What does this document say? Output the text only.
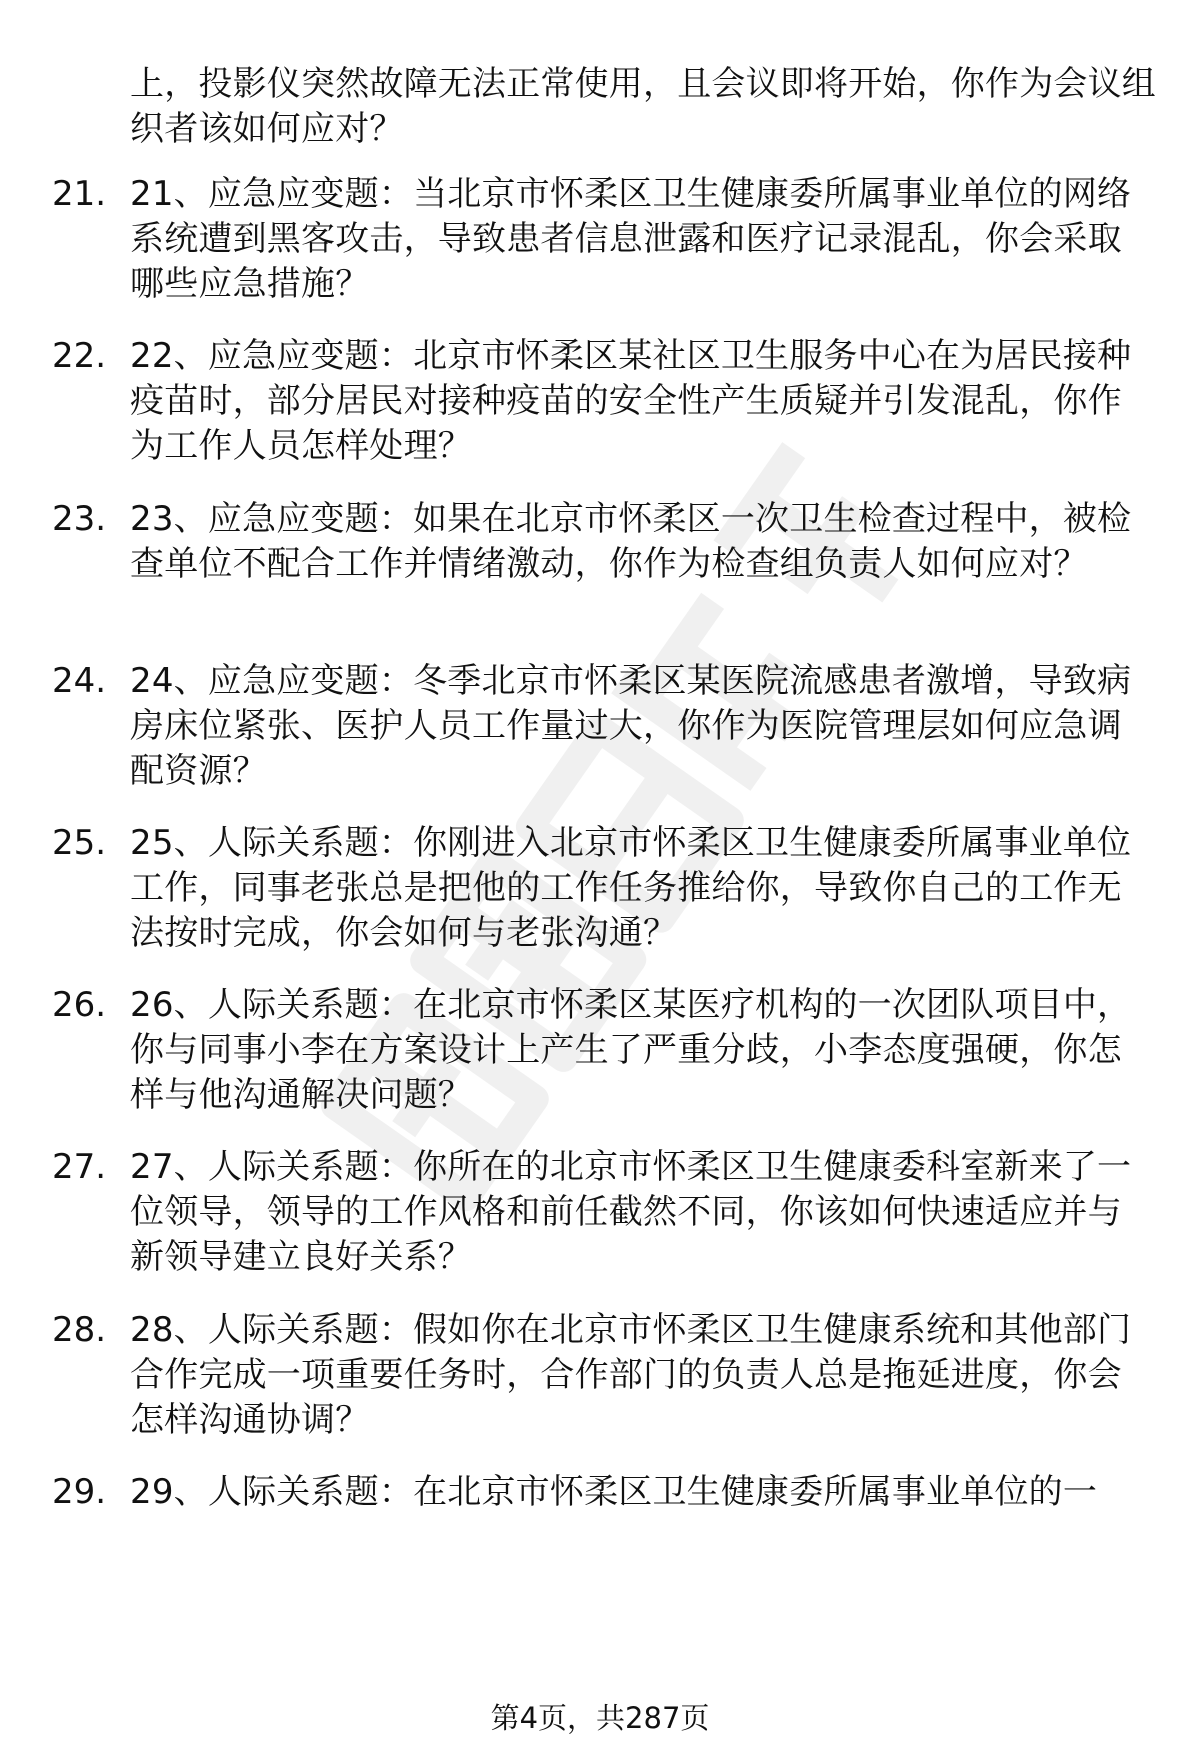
上，投影仪突然故障无法正常使用，且会议即将开始，你作为会议组织者该如何应对？
21. 21、应急应变题：当北京市怀柔区卫生健康委所属事业单位的网络系统遭到黑客攻击，导致患者信息泄露和医疗记录混乱，你会采取哪些应急措施？
22. 22、应急应变题：北京市怀柔区某社区卫生服务中心在为居民接种疫苗时，部分居民对接种疫苗的安全性产生质疑并引发混乱，你作为工作人员怎样处理？
23. 23、应急应变题：如果在北京市怀柔区一次卫生检查过程中，被检查单位不配合工作并情绪激动，你作为检查组负责人如何应对？
24. 24、应急应变题：冬季北京市怀柔区某医院流感患者激增，导致病房床位紧张、医护人员工作量过大，你作为医院管理层如何应急调配资源？
25. 25、人际关系题：你刚进入北京市怀柔区卫生健康委所属事业单位工作，同事老张总是把他的工作任务推给你，导致你自己的工作无法按时完成，你会如何与老张沟通？
26. 26、人际关系题：在北京市怀柔区某医疗机构的一次团队项目中，你与同事小李在方案设计上产生了严重分歧，小李态度强硬，你怎样与他沟通解决问题？
27. 27、人际关系题：你所在的北京市怀柔区卫生健康委科室新来了一位领导，领导的工作风格和前任截然不同，你该如何快速适应并与新领导建立良好关系？
28. 28、人际关系题：假如你在北京市怀柔区卫生健康系统和其他部门合作完成一项重要任务时，合作部门的负责人总是拖延进度，你会怎样沟通协调？
29. 29、人际关系题：在北京市怀柔区卫生健康委所属事业单位的一
第4页，共287页
